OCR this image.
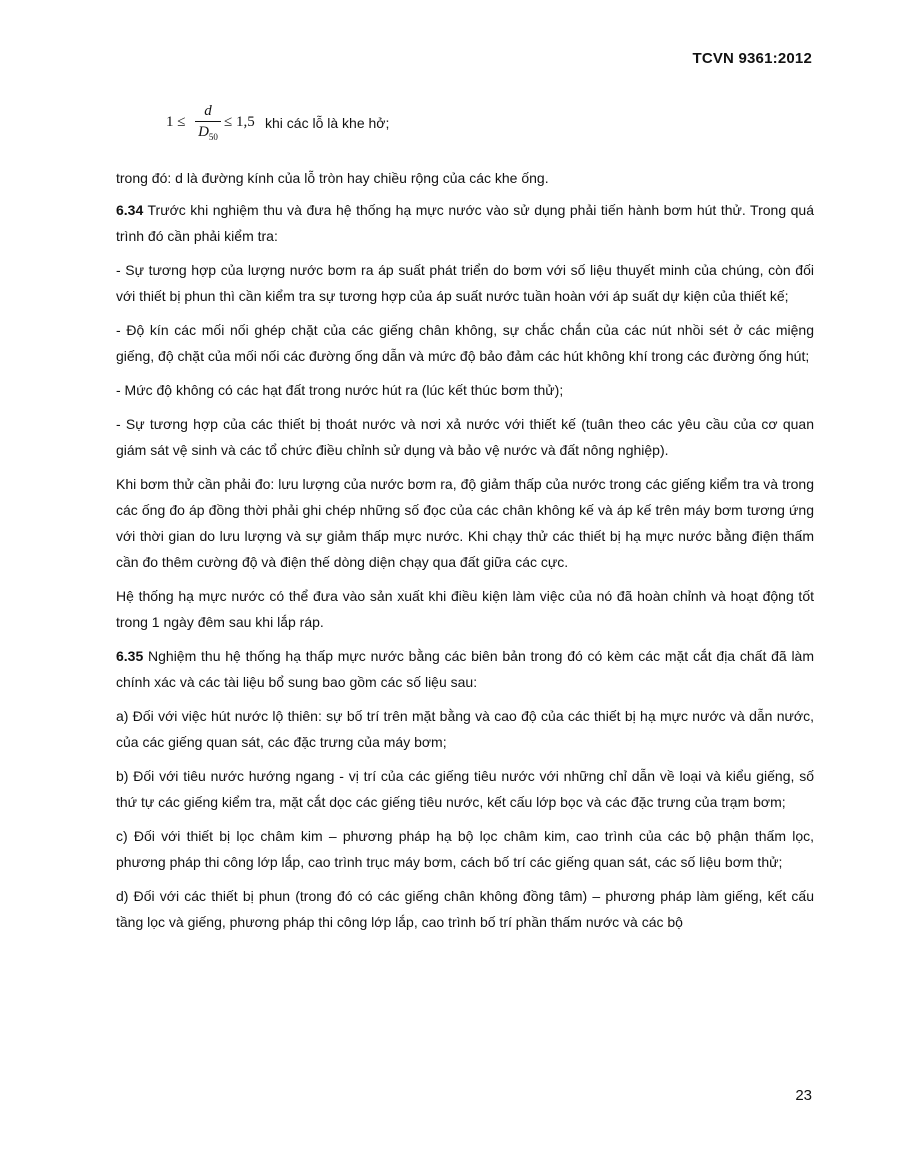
TCVN 9361:2012
1 ≤
d
$D_{50}$
≤ 1,5 khi các lỗ là khe hở;

trong đó: d là đường kính của lỗ tròn hay chiều rộng của các khe ống.

6.34 Trước khi nghiệm thu và đưa hệ thống hạ mực nước vào sử dụng phải tiến hành bơm hút thử. Trong quá trình đó cần phải kiểm tra:

- Sự tương hợp của lượng nước bơm ra áp suất phát triển do bơm với số liệu thuyết minh của chúng, còn đối với thiết bị phun thì cần kiểm tra sự tương hợp của áp suất nước tuần hoàn với áp suất dự kiện của thiết kế;

- Độ kín các mối nối ghép chặt của các giếng chân không, sự chắc chắn của các nút nhồi sét ở các miệng giếng, độ chặt của mối nối các đường ống dẫn và mức độ bảo đảm các hút không khí trong các đường ống hút;

- Mức độ không có các hạt đất trong nước hút ra (lúc kết thúc bơm thử);

- Sự tương hợp của các thiết bị thoát nước và nơi xả nước với thiết kế (tuân theo các yêu cầu của cơ quan giám sát vệ sinh và các tổ chức điều chỉnh sử dụng và bảo vệ nước và đất nông nghiệp).

Khi bơm thử cần phải đo: lưu lượng của nước bơm ra, độ giảm thấp của nước trong các giếng kiểm tra và trong các ống đo áp đồng thời phải ghi chép những số đọc của các chân không kế và áp kế trên máy bơm tương ứng với thời gian do lưu lượng và sự giảm thấp mực nước. Khi chạy thử các thiết bị hạ mực nước bằng điện thấm cần đo thêm cường độ và điện thế dòng diện chạy qua đất giữa các cực.

Hệ thống hạ mực nước có thể đưa vào sản xuất khi điều kiện làm việc của nó đã hoàn chỉnh và hoạt động tốt trong 1 ngày đêm sau khi lắp ráp.

6.35 Nghiệm thu hệ thống hạ thấp mực nước bằng các biên bản trong đó có kèm các mặt cắt địa chất đã làm chính xác và các tài liệu bổ sung bao gồm các số liệu sau:

a) Đối với việc hút nước lộ thiên: sự bố trí trên mặt bằng và cao độ của các thiết bị hạ mực nước và dẫn nước, của các giếng quan sát, các đặc trưng của máy bơm;

b) Đối với tiêu nước hướng ngang - vị trí của các giếng tiêu nước với những chỉ dẫn về loại và kiểu giếng, số thứ tự các giếng kiểm tra, mặt cắt dọc các giếng tiêu nước, kết cấu lớp bọc và các đặc trưng của trạm bơm;

c) Đối với thiết bị lọc châm kim – phương pháp hạ bộ lọc châm kim, cao trình của các bộ phận thấm lọc, phương pháp thi công lớp lắp, cao trình trục máy bơm, cách bố trí các giếng quan sát, các số liệu bơm thử;

d) Đối với các thiết bị phun (trong đó có các giếng chân không đồng tâm) – phương pháp làm giếng, kết cấu tầng lọc và giếng, phương pháp thi công lớp lắp, cao trình bố trí phần thấm nước và các bộ

23
